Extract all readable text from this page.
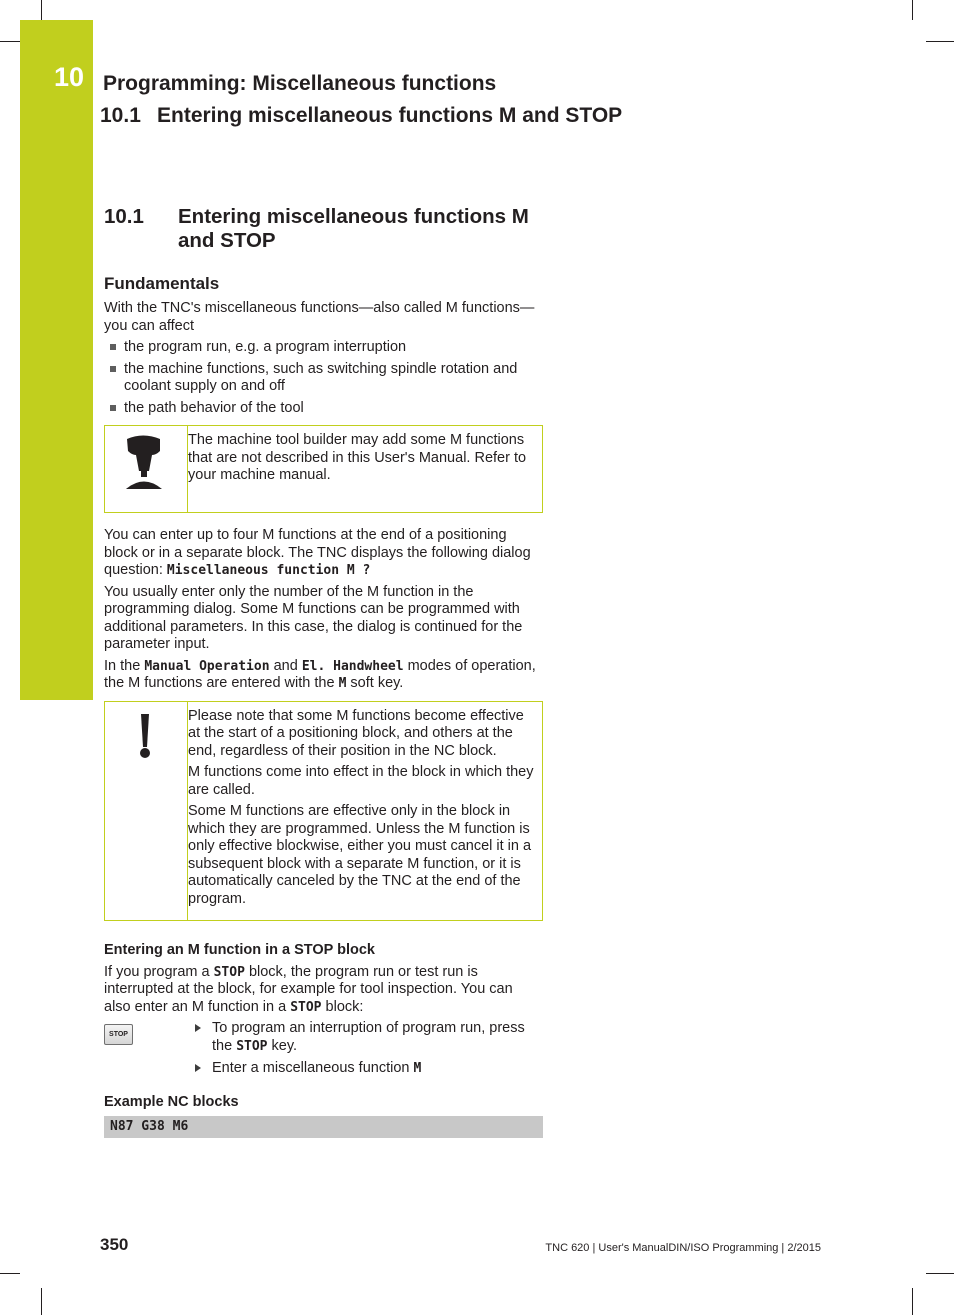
10 Programming: Miscellaneous functions
10.1 Entering miscellaneous functions M and STOP
10.1	Entering miscellaneous functions M and STOP
Fundamentals

With the TNC's miscellaneous functions—also called M functions—you can affect

the program run, e.g. a program interruption
the machine functions, such as switching spindle rotation and coolant supply on and off
the path behavior of the tool

The machine tool builder may add some M functions that are not described in this User's Manual. Refer to your machine manual.

You can enter up to four M functions at the end of a positioning block or in a separate block. The TNC displays the following dialog question: Miscellaneous function M ?

You usually enter only the number of the M function in the programming dialog. Some M functions can be programmed with additional parameters. In this case, the dialog is continued for the parameter input.

In the Manual Operation and El. Handwheel modes of operation, the M functions are entered with the M soft key.

Please note that some M functions become effective at the start of a positioning block, and others at the end, regardless of their position in the NC block.

M functions come into effect in the block in which they are called.

Some M functions are effective only in the block in which they are programmed. Unless the M function is only effective blockwise, either you must cancel it in a subsequent block with a separate M function, or it is automatically canceled by the TNC at the end of the program.

Entering an M function in a STOP block

If you program a STOP block, the program run or test run is interrupted at the block, for example for tool inspection. You can also enter an M function in a STOP block:

STOP	To program an interruption of program run, press the STOP key.
Enter a miscellaneous function M
Example NC blocks
N87 G38 M6
350	TNC 620 | User's ManualDIN/ISO Programming | 2/2015
